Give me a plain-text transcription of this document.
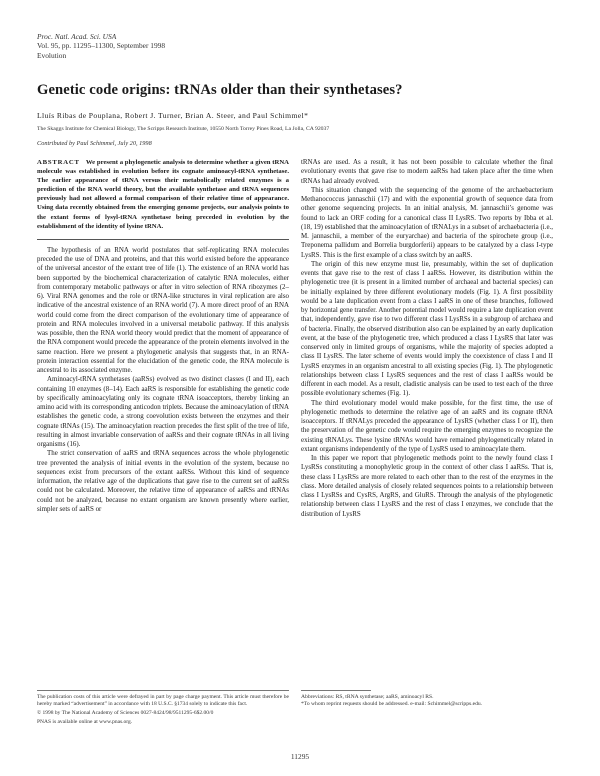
Proc. Natl. Acad. Sci. USA
Vol. 95, pp. 11295–11300, September 1998
Evolution
Genetic code origins: tRNAs older than their synthetases?
Lluís Ribas de Pouplana, Robert J. Turner, Brian A. Steer, and Paul Schimmel*
The Skaggs Institute for Chemical Biology, The Scripps Research Institute, 10550 North Torrey Pines Road, La Jolla, CA 92037
Contributed by Paul Schimmel, July 20, 1998

ABSTRACT We present a phylogenetic analysis to determine whether a given tRNA molecule was established in evolution before its cognate aminoacyl-tRNA synthetase. The earlier appearance of tRNA versus their metabolically related enzymes is a prediction of the RNA world theory, but the available synthetase and tRNA sequences previously had not allowed a formal comparison of their relative time of appearance. Using data recently obtained from the emerging genome projects, our analysis points to the extant forms of lysyl-tRNA synthetase being preceded in evolution by the establishment of the identity of lysine tRNA.

The hypothesis of an RNA world postulates that self-replicating RNA molecules preceded the use of DNA and proteins, and that this world existed before the appearance of the universal ancestor of the extant tree of life (1). The existence of an RNA world has been supported by the biochemical characterization of catalytic RNA molecules, either from contemporary metabolic pathways or after in vitro selection of RNA ribozymes (2–6). Viral RNA genomes and the role or tRNA-like structures in viral replication are also indicative of the ancestral existence of an RNA world (7). A more direct proof of an RNA world could come from the direct comparison of the evolutionary time of appearance of protein and RNA molecules involved in a universal metabolic pathway. If this analysis was possible, then the RNA world theory would predict that the moment of appearance of the RNA component would precede the appearance of the protein elements involved in the same reaction. Here we present a phylogenetic analysis that suggests that, in an RNA-protein interaction essential for the elucidation of the genetic code, the RNA molecule is ancestral to its associated enzyme.

Aminoacyl-tRNA synthetases (aaRSs) evolved as two distinct classes (I and II), each containing 10 enzymes (8–14). Each aaRS is responsible for establishing the genetic code by specifically aminoacylating only its cognate tRNA isoacceptors, thereby linking an amino acid with its corresponding anticodon triplets. Because the aminoacylation of tRNA establishes the genetic code, a strong coevolution exists between the enzymes and their cognate tRNAs (15). The aminoacylation reaction precedes the first split of the tree of life, resulting in almost invariable conservation of aaRSs and their cognate tRNAs in all living organisms (16).

The strict conservation of aaRS and tRNA sequences across the whole phylogenetic tree prevented the analysis of initial events in the evolution of the system, because no sequences exist from precursors of the extant aaRSs. Without this kind of sequence information, the relative age of the duplications that gave rise to the current set of aaRSs could not be calculated. Moreover, the relative time of appearance of aaRSs and tRNAs could not be analyzed, because no extant organism are known presently where earlier, simpler sets of aaRS or

tRNAs are used. As a result, it has not been possible to calculate whether the final evolutionary events that gave rise to modern aaRSs had taken place after the time when tRNAs had already evolved.

This situation changed with the sequencing of the genome of the archaebacterium Methanococcus jannaschii (17) and with the exponential growth of sequence data from other genome sequencing projects. In an initial analysis, M. jannaschii’s genome was found to lack an ORF coding for a canonical class II LysRS. Two reports by Ibba et al. (18, 19) established that the aminoacylation of tRNALys in a subset of archaebacteria (i.e., M. jannaschii, a member of the euryarchae) and bacteria of the spirochete group (i.e., Treponema pallidum and Borrelia burgdorferii) appears to be catalyzed by a class I-type LysRS. This is the first example of a class switch by an aaRS.

The origin of this new enzyme must lie, presumably, within the set of duplication events that gave rise to the rest of class I aaRSs. However, its distribution within the phylogenetic tree (it is present in a limited number of archaeal and bacterial species) can be initially explained by three different evolutionary models (Fig. 1). A first possibility would be a late duplication event from a class I aaRS in one of these branches, followed by horizontal gene transfer. Another potential model would require a late duplication event that, independently, gave rise to two different class I LysRSs in a subgroup of archaea and of bacteria. Finally, the observed distribution also can be explained by an early duplication event, at the base of the phylogenetic tree, which produced a class I LysRS that later was conserved only in limited groups of organisms, while the majority of species adopted a class II LysRS. The later scheme of events would imply the coexistence of class I and II LysRS enzymes in an organism ancestral to all existing species (Fig. 1). The phylogenetic relationships between class I LysRS sequences and the rest of class I aaRSs would be different in each model. As a result, cladistic analysis can be used to test each of the three possible evolutionary schemes (Fig. 1).

The third evolutionary model would make possible, for the first time, the use of phylogenetic methods to determine the relative age of an aaRS and its cognate tRNA isoacceptors. If tRNALys preceded the appearance of LysRS (whether class I or II), then the preservation of the genetic code would require the emerging enzymes to recognize the existing tRNALys. These lysine tRNAs would have remained phylogenetically related in extant organisms independently of the type of LysRS used to aminoacylate them.

In this paper we report that phylogenetic methods point to the newly found class I LysRSs constituting a monophyletic group in the context of other class I aaRSs. That is, these class I LysRSs are more related to each other than to the rest of the enzymes in the class. More detailed analysis of closely related sequences points to a relationship between class I LysRSs and CysRS, ArgRS, and GluRS. Through the analysis of the phylogenetic relationship between class I LysRS and the rest of class I enzymes, we conclude that the distribution of LysRS

The publication costs of this article were defrayed in part by page charge payment. This article must therefore be hereby marked “advertisement” in accordance with 18 U.S.C. §1734 solely to indicate this fact.

© 1998 by The National Academy of Sciences 0027-8424/98/9511295-6$2.00/0

PNAS is available online at www.pnas.org.

Abbreviations: RS, tRNA synthetase; aaRS, aminoacyl RS.

*To whom reprint requests should be addressed. e-mail: Schimmel@scripps.edu.

11295
